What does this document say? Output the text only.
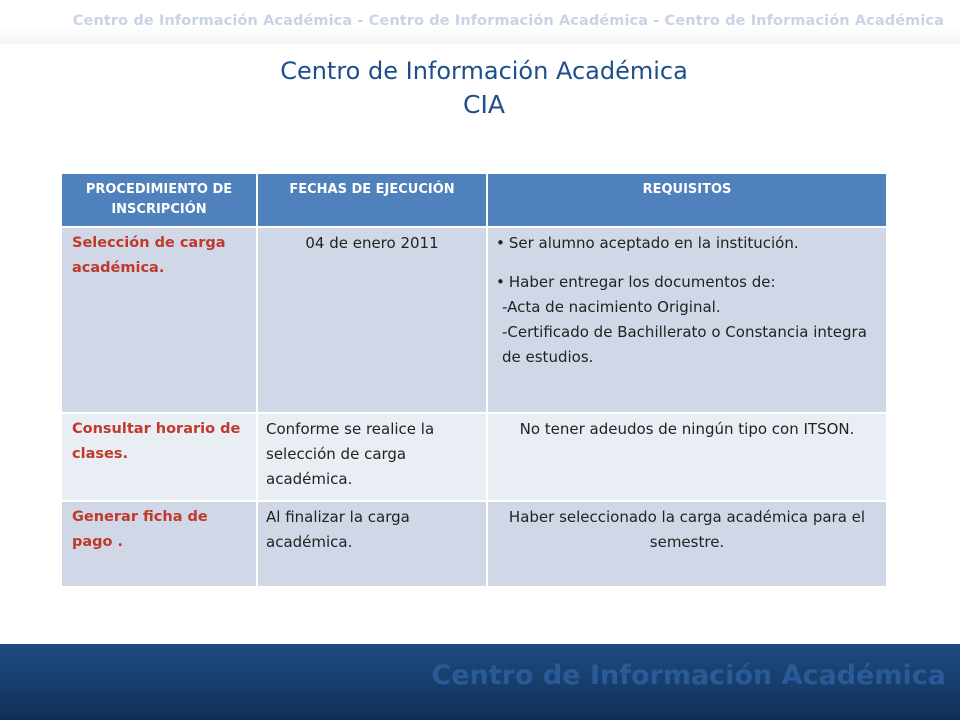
Centro de Información Académica - Centro de Información Académica - Centro de Información Académica
Centro de Información Académica
CIA
PROCEDIMIENTO DE INSCRIPCIÓN	FECHAS DE EJECUCIÓN	REQUISITOS
Selección de carga académica.	04 de enero 2011	• Ser alumno aceptado en la institución.
• Haber entregar los documentos de:
-Acta de nacimiento Original.
-Certificado de Bachillerato o Constancia integra de estudios.

Consultar horario de clases.	Conforme se realice la selección de carga académica.	No tener adeudos de ningún tipo con ITSON.
Generar ficha de pago .	Al finalizar la carga académica.	Haber seleccionado la carga académica para el semestre.
Centro de Información Académica
